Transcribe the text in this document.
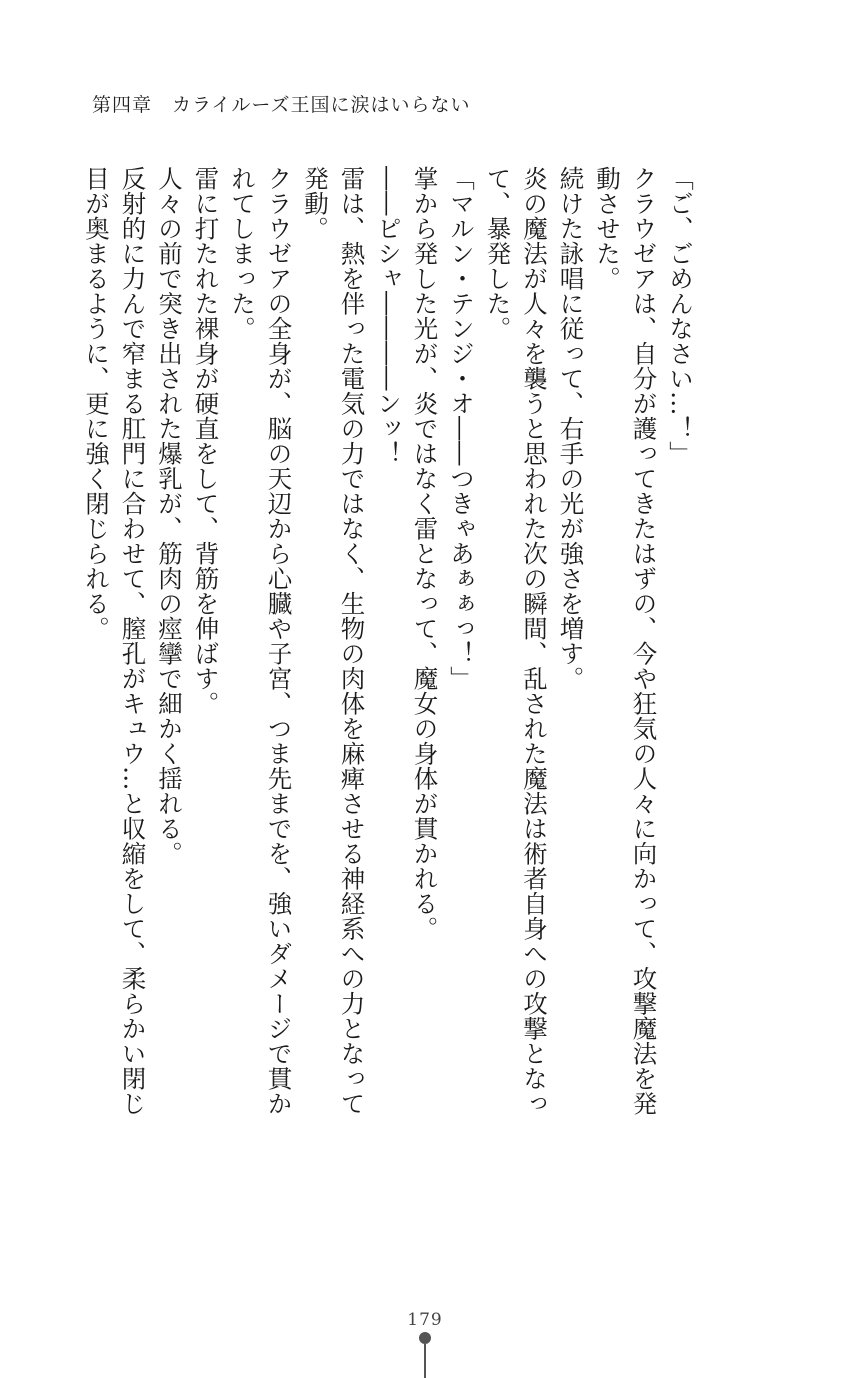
第四章　カライルーズ王国に涙はいらない

「ご、ごめんなさい…！」

クラウゼアは、自分が護ってきたはずの、今や狂気の人々に向かって、攻撃魔法を発動させた。

続けた詠唱に従って、右手の光が強さを増す。

炎の魔法が人々を襲うと思われた次の瞬間、乱された魔法は術者自身への攻撃となって、暴発した。

「マルン・テンジ・オ――つきゃあぁぁっ！」

掌から発した光が、炎ではなく雷となって、魔女の身体が貫かれる。

――ピシャ――――ンッ！

雷は、熱を伴った電気の力ではなく、生物の肉体を麻痺させる神経系への力となって発動。

クラウゼアの全身が、脳の天辺から心臓や子宮、つま先までを、強いダメージで貫かれてしまった。

雷に打たれた裸身が硬直をして、背筋を伸ばす。

人々の前で突き出された爆乳が、筋肉の痙攣で細かく揺れる。

反射的に力んで窄まる肛門に合わせて、膣孔がキュウ…と収縮をして、柔らかい閉じ目が奥まるように、更に強く閉じられる。

179
